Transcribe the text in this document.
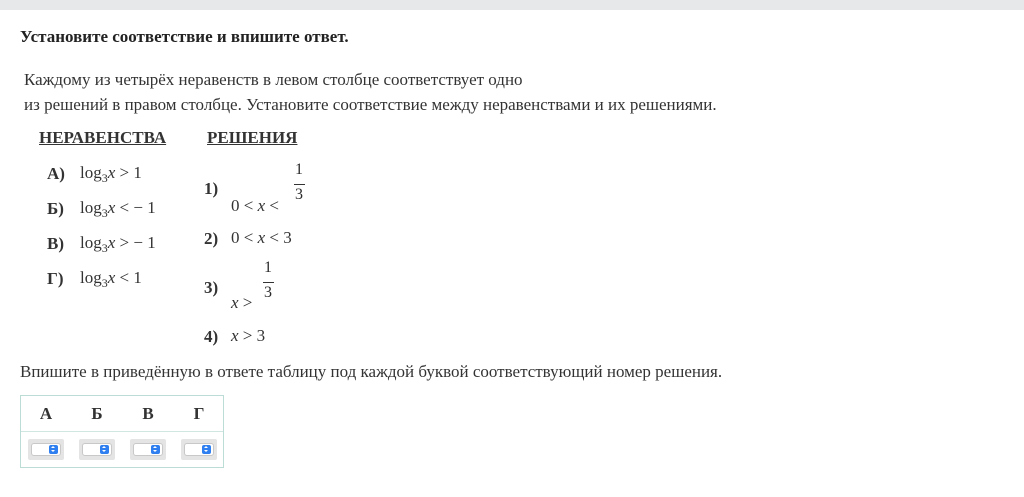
Установите соответствие и впишите ответ.
Каждому из четырёх неравенств в левом столбце соответствует одно
из решений в правом столбце. Установите соответствие между неравенствами и их решениями.
НЕРАВЕНСТВА РЕШЕНИЯ
А) $\log_3x > 1$
Б) $\log_3x$ < − 1
В) $\log_3x$ > − 1
Г) $\log_3x < 1$
1)
0 < x <
1
3
2) 0 < x < 3
3)
x >
1
3
4) x > 3
Впишите в приведённую в ответе таблицу под каждой буквой соответствующий номер решения.
А	Б	В	Г
